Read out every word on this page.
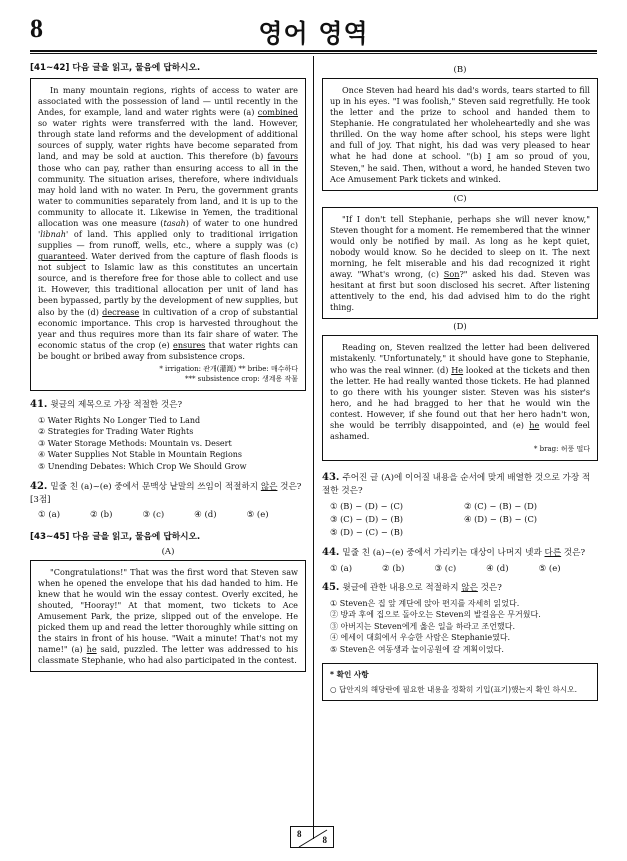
8	영어 영역
[41~42] 다음 글을 읽고, 물음에 답하시오.

In many mountain regions, rights of access to water are associated with the possession of land — until recently in the Andes, for example, land and water rights were (a) combined so water rights were transferred with the land. However, through state land reforms and the development of additional sources of supply, water rights have become separated from land, and may be sold at auction. This therefore (b) favours those who can pay, rather than ensuring access to all in the community. The situation arises, therefore, where individuals may hold land with no water. In Peru, the government grants water to communities separately from land, and it is up to the community to allocate it. Likewise in Yemen, the traditional allocation was one measure (tasah) of water to one hundred 'libnah' of land. This applied only to traditional irrigation supplies — from runoff, wells, etc., where a supply was (c) guaranteed. Water derived from the capture of flash floods is not subject to Islamic law as this constitutes an uncertain source, and is therefore free for those able to collect and use it. However, this traditional allocation per unit of land has been bypassed, partly by the development of new supplies, but also by the (d) decrease in cultivation of a crop of substantial economic importance. This crop is harvested throughout the year and thus requires more than its fair share of water. The economic status of the crop (e) ensures that water rights can be bought or bribed away from subsistence crops.

* irrigation: 관개(灌漑) ** bribe: 매수하다
*** subsistence crop: 생계용 작물
41. 윗글의 제목으로 가장 적절한 것은?
① Water Rights No Longer Tied to Land
② Strategies for Trading Water Rights
③ Water Storage Methods: Mountain vs. Desert
④ Water Supplies Not Stable in Mountain Regions
⑤ Unending Debates: Which Crop We Should Grow
42. 밑줄 친 (a)~(e) 중에서 문맥상 낱말의 쓰임이 적절하지 않은 것은? [3점]
① (a)	② (b)	③ (c)	④ (d)	⑤ (e)
[43~45] 다음 글을 읽고, 물음에 답하시오.
(A)

"Congratulations!" That was the first word that Steven saw when he opened the envelope that his dad handed to him. He knew that he would win the essay contest. Overly excited, he shouted, "Hooray!" At that moment, two tickets to Ace Amusement Park, the prize, slipped out of the envelope. He picked them up and read the letter thoroughly while sitting on the stairs in front of his house. "Wait a minute! That's not my name!" (a) he said, puzzled. The letter was addressed to his classmate Stephanie, who had also participated in the contest.

(B)

Once Steven had heard his dad's words, tears started to fill up in his eyes. "I was foolish," Steven said regretfully. He took the letter and the prize to school and handed them to Stephanie. He congratulated her wholeheartedly and she was thrilled. On the way home after school, his steps were light and full of joy. That night, his dad was very pleased to hear what he had done at school. "(b) I am so proud of you, Steven," he said. Then, without a word, he handed Steven two Ace Amusement Park tickets and winked.

(C)

"If I don't tell Stephanie, perhaps she will never know," Steven thought for a moment. He remembered that the winner would only be notified by mail. As long as he kept quiet, nobody would know. So he decided to sleep on it. The next morning, he felt miserable and his dad recognized it right away. "What's wrong, (c) Son?" asked his dad. Steven was hesitant at first but soon disclosed his secret. After listening attentively to the end, his dad advised him to do the right thing.

(D)

Reading on, Steven realized the letter had been delivered mistakenly. "Unfortunately," it should have gone to Stephanie, who was the real winner. (d) He looked at the tickets and then the letter. He had really wanted those tickets. He had planned to go there with his younger sister. Steven was his sister's hero, and he had bragged to her that he would win the contest. However, if she found out that her hero hadn't won, she would be terribly disappointed, and (e) he would feel ashamed.

* brag: 허풍 떨다
43. 주어진 글 (A)에 이어질 내용을 순서에 맞게 배열한 것으로 가장 적절한 것은?
① (B) − (D) − (C)	② (C) − (B) − (D)
③ (C) − (D) − (B)	④ (D) − (B) − (C)
⑤ (D) − (C) − (B)
44. 밑줄 친 (a)~(e) 중에서 가리키는 대상이 나머지 넷과 다른 것은?
① (a)	② (b)	③ (c)	④ (d)	⑤ (e)
45. 윗글에 관한 내용으로 적절하지 않은 것은?
① Steven은 집 앞 계단에 앉아 편지를 자세히 읽었다.
② 방과 후에 집으로 돌아오는 Steven의 발걸음은 무거웠다.
③ 아버지는 Steven에게 옳은 일을 하라고 조언했다.
④ 에세이 대회에서 우승한 사람은 Stephanie였다.
⑤ Steven은 여동생과 놀이공원에 갈 계획이었다.
* 확인 사항
○ 답안지의 해당란에 필요한 내용을 정확히 기입(표기)했는지 확인 하시오.
8
8
